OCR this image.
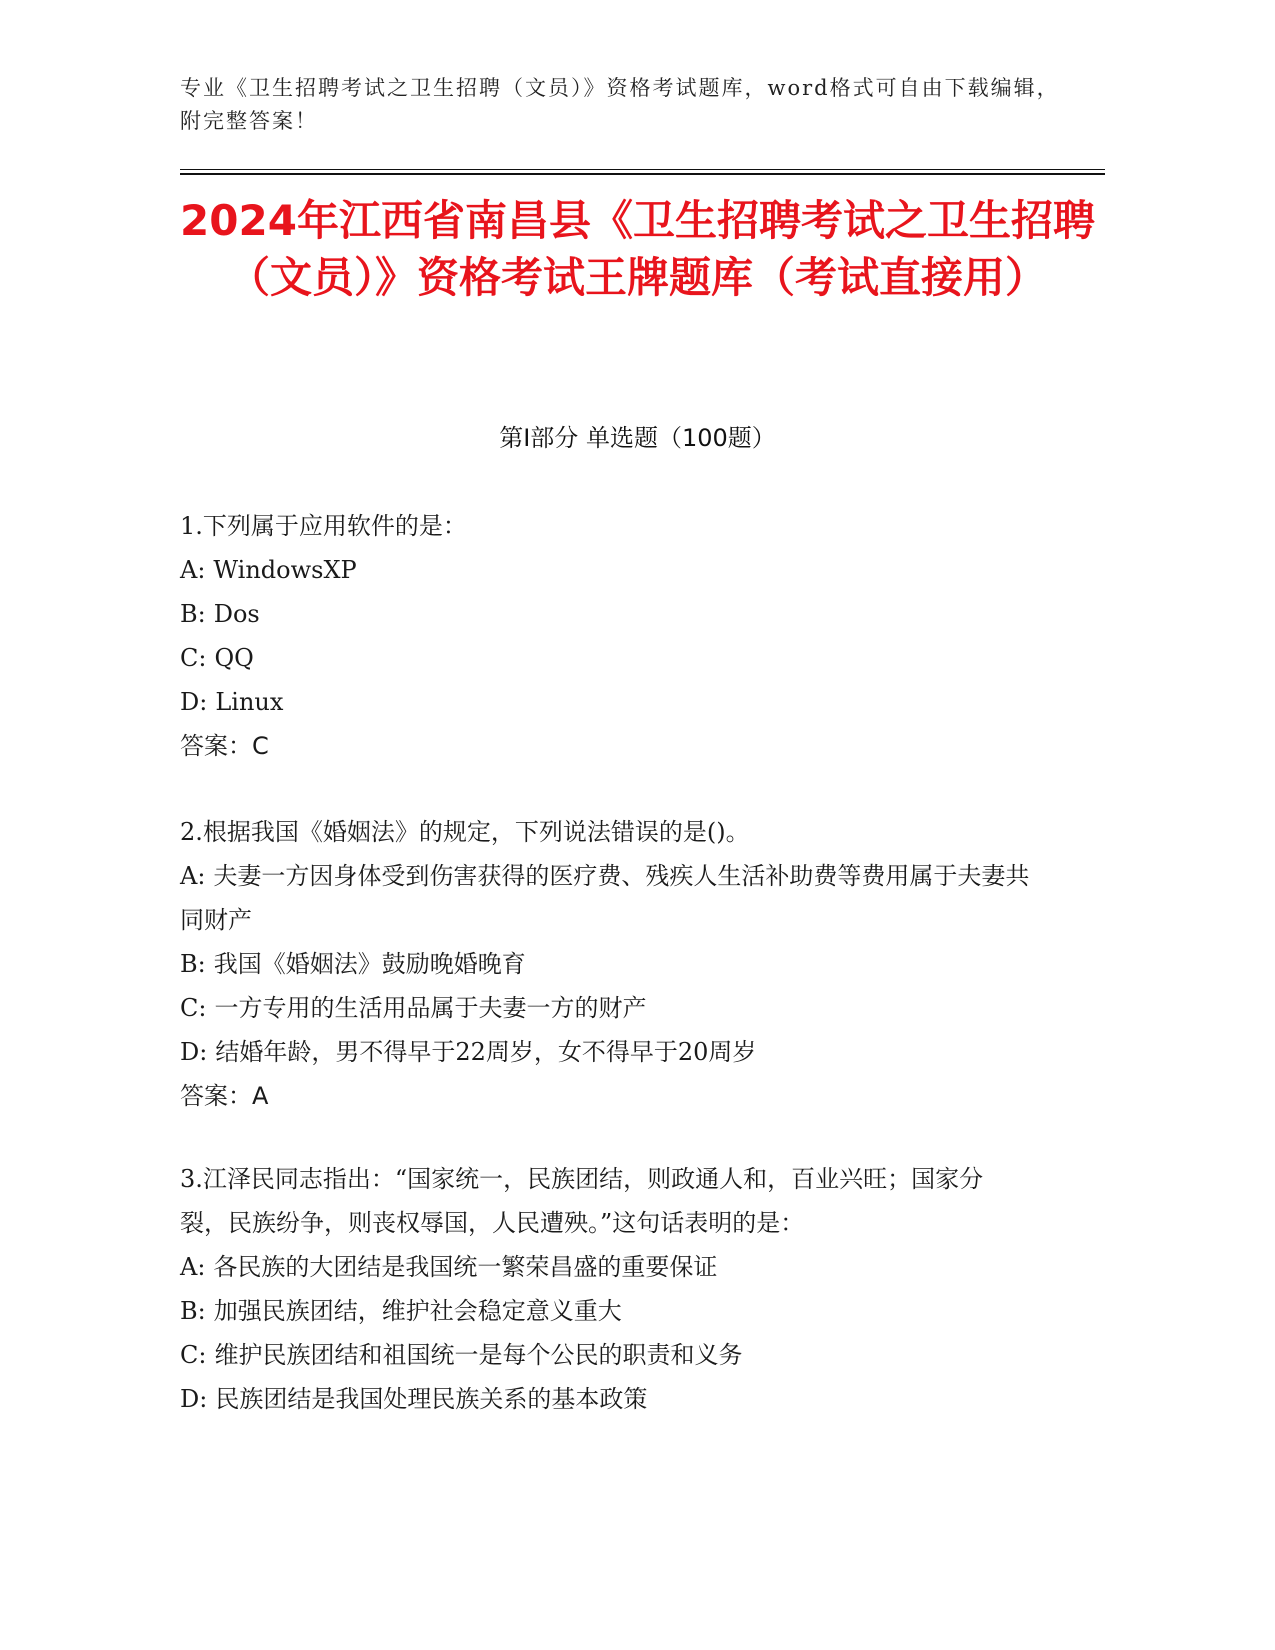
专业《卫生招聘考试之卫生招聘（文员）》资格考试题库，word格式可自由下载编辑，附完整答案！
2024年江西省南昌县《卫生招聘考试之卫生招聘（文员）》资格考试王牌题库（考试直接用）
第Ⅰ部分 单选题（100题）
1.下列属于应用软件的是：
A: WindowsXP
B: Dos
C: QQ
D: Linux
答案：C
2.根据我国《婚姻法》的规定，下列说法错误的是()。
A: 夫妻一方因身体受到伤害获得的医疗费、残疾人生活补助费等费用属于夫妻共同财产
B: 我国《婚姻法》鼓励晚婚晚育
C: 一方专用的生活用品属于夫妻一方的财产
D: 结婚年龄，男不得早于22周岁，女不得早于20周岁
答案：A
3.江泽民同志指出：“国家统一，民族团结，则政通人和，百业兴旺；国家分裂，民族纷争，则丧权辱国，人民遭殃。”这句话表明的是：
A: 各民族的大团结是我国统一繁荣昌盛的重要保证
B: 加强民族团结，维护社会稳定意义重大
C: 维护民族团结和祖国统一是每个公民的职责和义务
D: 民族团结是我国处理民族关系的基本政策
